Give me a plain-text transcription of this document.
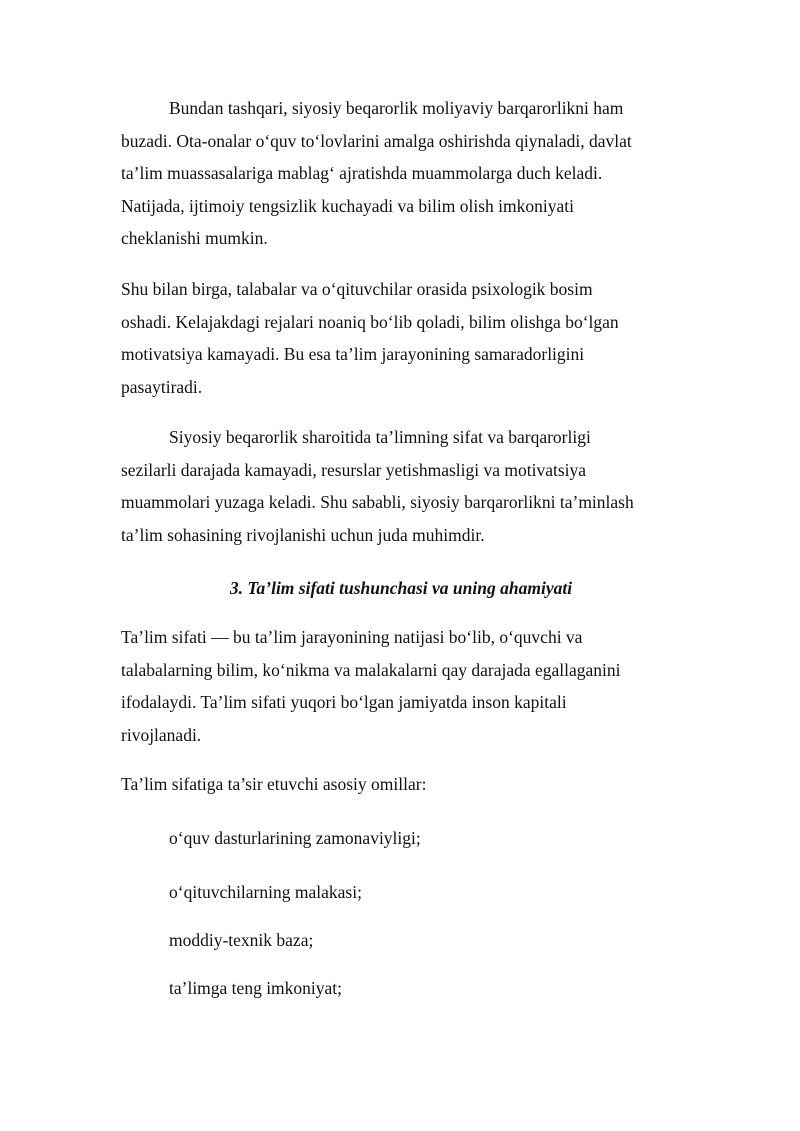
Bundan tashqari, siyosiy beqarorlik moliyaviy barqarorlikni ham
buzadi. Ota-onalar o‘quv to‘lovlarini amalga oshirishda qiynaladi, davlat
ta’lim muassasalariga mablag‘ ajratishda muammolarga duch keladi.
Natijada, ijtimoiy tengsizlik kuchayadi va bilim olish imkoniyati
cheklanishi mumkin.

Shu bilan birga, talabalar va o‘qituvchilar orasida psixologik bosim
oshadi. Kelajakdagi rejalari noaniq bo‘lib qoladi, bilim olishga bo‘lgan
motivatsiya kamayadi. Bu esa ta’lim jarayonining samaradorligini
pasaytiradi.

Siyosiy beqarorlik sharoitida ta’limning sifat va barqarorligi
sezilarli darajada kamayadi, resurslar yetishmasligi va motivatsiya
muammolari yuzaga keladi. Shu sababli, siyosiy barqarorlikni ta’minlash
ta’lim sohasining rivojlanishi uchun juda muhimdir.

3. Ta’lim sifati tushunchasi va uning ahamiyati

Ta’lim sifati — bu ta’lim jarayonining natijasi bo‘lib, o‘quvchi va
talabalarning bilim, ko‘nikma va malakalarni qay darajada egallaganini
ifodalaydi. Ta’lim sifati yuqori bo‘lgan jamiyatda inson kapitali
rivojlanadi.

Ta’lim sifatiga ta’sir etuvchi asosiy omillar:

o‘quv dasturlarining zamonaviyligi;

o‘qituvchilarning malakasi;

moddiy-texnik baza;

ta’limga teng imkoniyat;
